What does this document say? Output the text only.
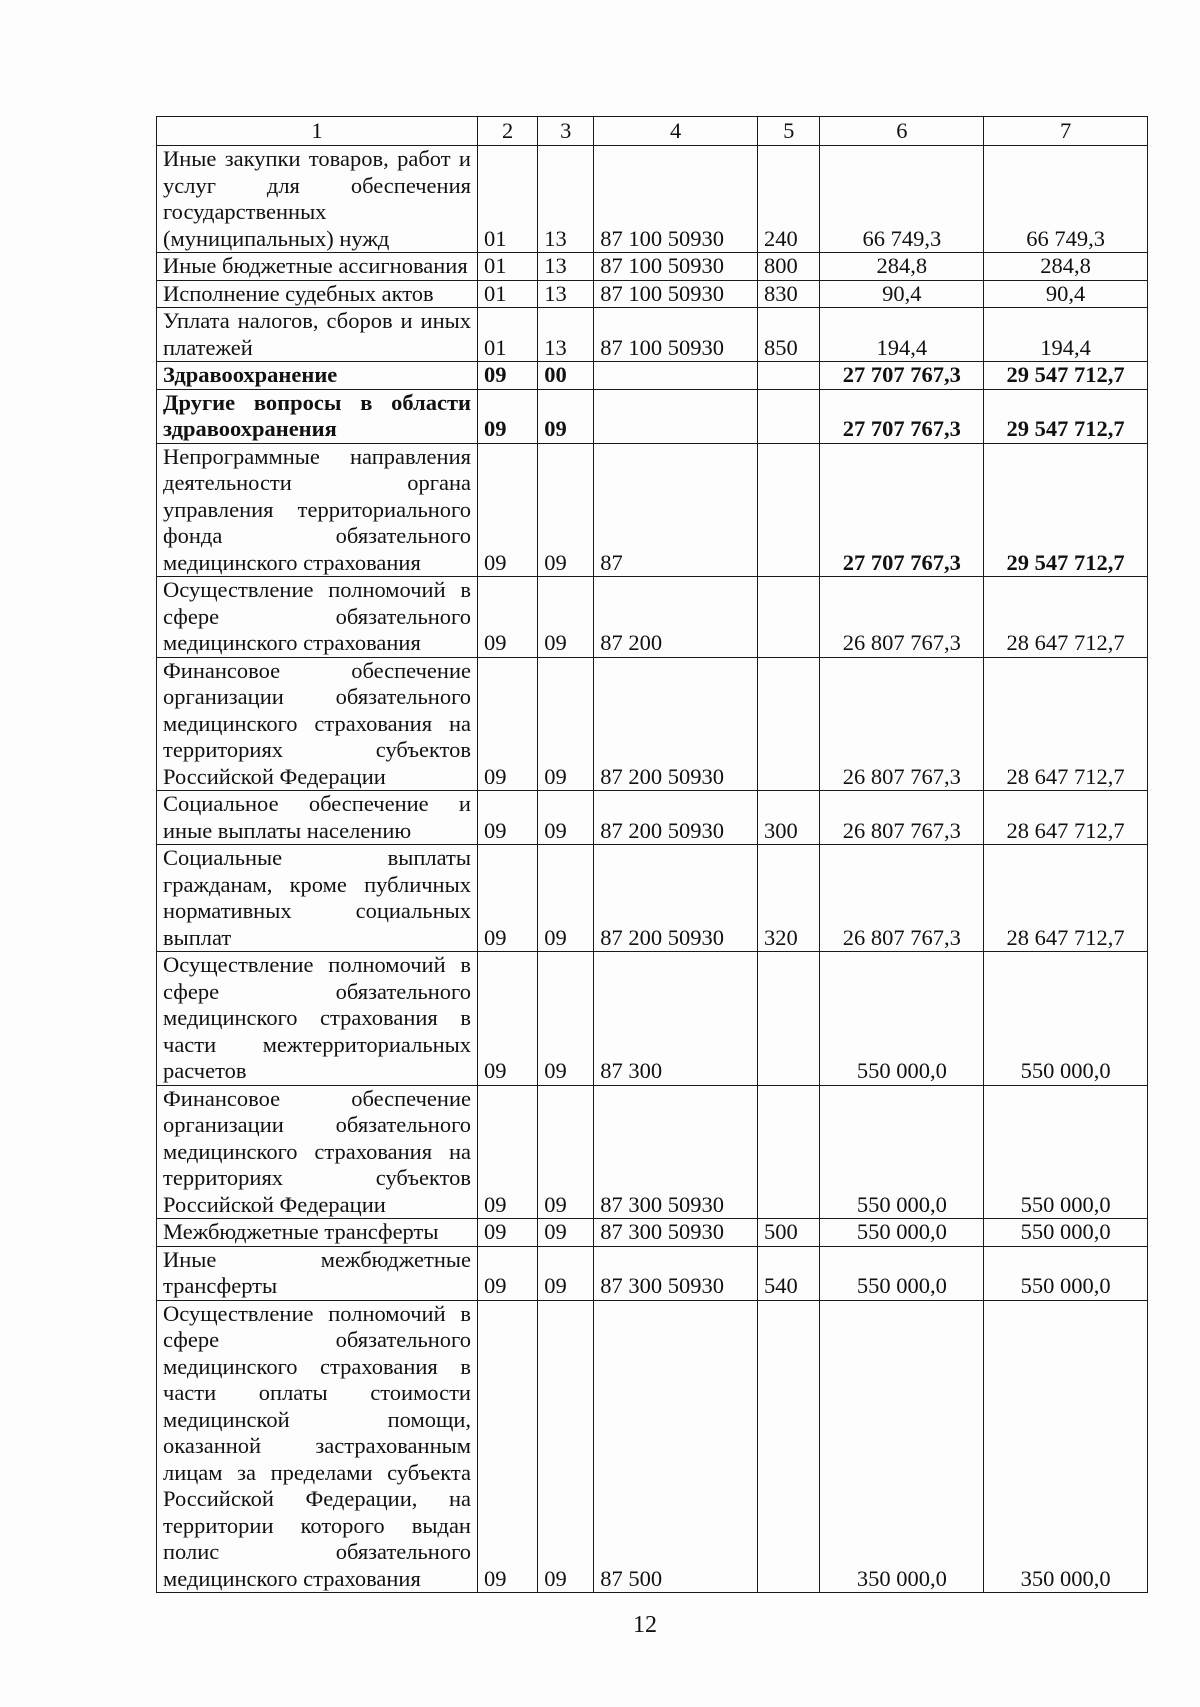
1	2	3	4	5	6	7
Иные закупки товаров, работ и услуг для обеспечения государственных (муниципальных) нужд	01	13	87 100 50930	240	66 749,3	66 749,3
Иные бюджетные ассигнования	01	13	87 100 50930	800	284,8	284,8
Исполнение судебных актов	01	13	87 100 50930	830	90,4	90,4
Уплата налогов, сборов и иных платежей	01	13	87 100 50930	850	194,4	194,4
Здравоохранение	09	00			27 707 767,3	29 547 712,7
Другие вопросы в области здравоохранения	09	09			27 707 767,3	29 547 712,7
Непрограммные направления деятельности органа управления территориального фонда обязательного медицинского страхования	09	09	87		27 707 767,3	29 547 712,7
Осуществление полномочий в сфере обязательного медицинского страхования	09	09	87 200		26 807 767,3	28 647 712,7
Финансовое обеспечение организации обязательного медицинского страхования на территориях субъектов Российской Федерации	09	09	87 200 50930		26 807 767,3	28 647 712,7
Социальное обеспечение и иные выплаты населению	09	09	87 200 50930	300	26 807 767,3	28 647 712,7
Социальные выплаты гражданам, кроме публичных нормативных социальных выплат	09	09	87 200 50930	320	26 807 767,3	28 647 712,7
Осуществление полномочий в сфере обязательного медицинского страхования в части межтерриториальных расчетов	09	09	87 300		550 000,0	550 000,0
Финансовое обеспечение организации обязательного медицинского страхования на территориях субъектов Российской Федерации	09	09	87 300 50930		550 000,0	550 000,0
Межбюджетные трансферты	09	09	87 300 50930	500	550 000,0	550 000,0
Иные межбюджетные трансферты	09	09	87 300 50930	540	550 000,0	550 000,0
Осуществление полномочий в сфере обязательного медицинского страхования в части оплаты стоимости медицинской помощи, оказанной застрахованным лицам за пределами субъекта Российской Федерации, на территории которого выдан полис обязательного медицинского страхования	09	09	87 500		350 000,0	350 000,0
12
